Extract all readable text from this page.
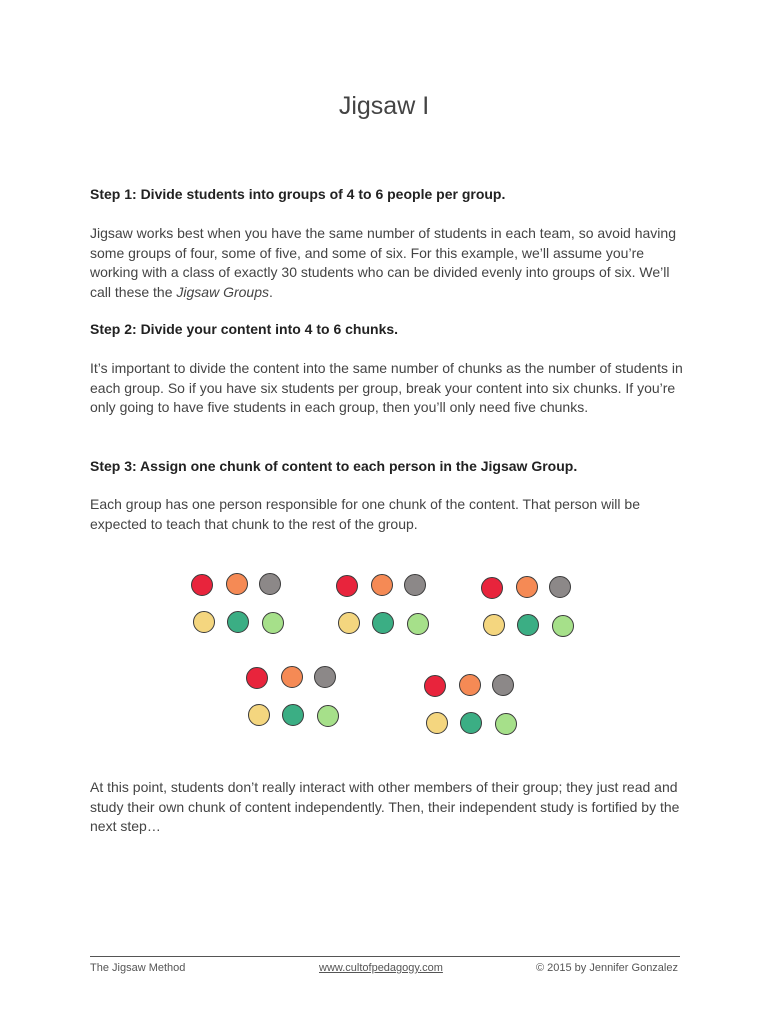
Jigsaw I

Step 1: Divide students into groups of 4 to 6 people per group.

Jigsaw works best when you have the same number of students in each team, so avoid having some groups of four, some of five, and some of six. For this example, we’ll assume you’re working with a class of exactly 30 students who can be divided evenly into groups of six. We’ll call these the Jigsaw Groups.

Step 2: Divide your content into 4 to 6 chunks.

It’s important to divide the content into the same number of chunks as the number of students in each group. So if you have six students per group, break your content into six chunks. If you’re only going to have five students in each group, then you’ll only need five chunks.

Step 3: Assign one chunk of content to each person in the Jigsaw Group.

Each group has one person responsible for one chunk of the content. That person will be expected to teach that chunk to the rest of the group.

At this point, students don’t really interact with other members of their group; they just read and study their own chunk of content independently. Then, their independent study is fortified by the next step…

The Jigsaw Method	www.cultofpedagogy.com	© 2015 by Jennifer Gonzalez
